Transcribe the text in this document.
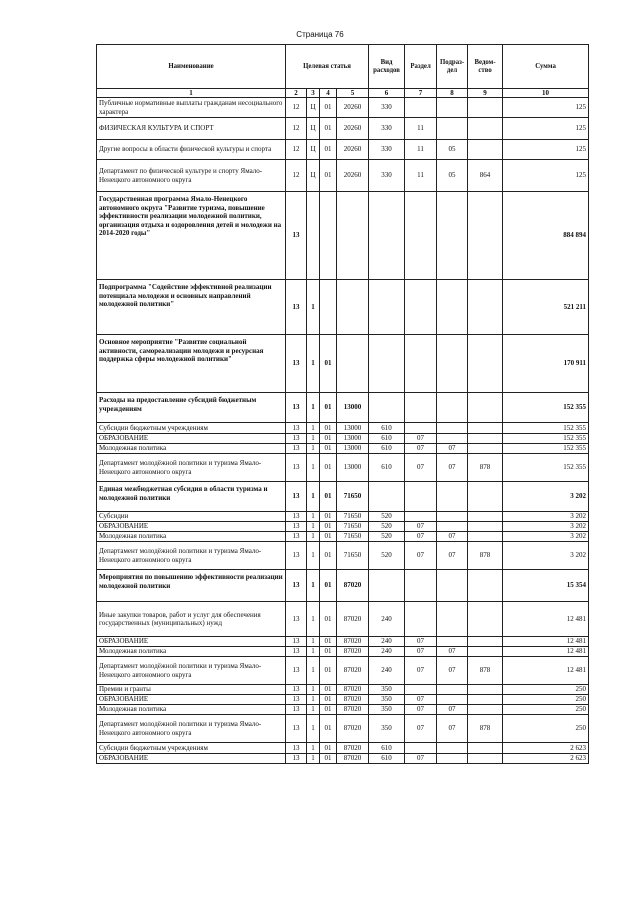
Страница 76
Наименование	Целевая статья				Вид расходов	Раздел	Подраз-дел	Ведом-ство	Сумма
1	2	3	4	5	6	7	8	9	10
Публичные нормативные выплаты гражданам несоциального характера	12	Ц	01	20260	330				125
ФИЗИЧЕСКАЯ КУЛЬТУРА И СПОРТ	12	Ц	01	20260	330	11			125
Другие вопросы в области физической культуры и спорта	12	Ц	01	20260	330	11	05		125
Департамент по физической культуре и спорту Ямало-Ненецкого автономного округа	12	Ц	01	20260	330	11	05	864	125
Государственная программа Ямало-Ненецкого автономного округа "Развитие туризма, повышение эффективности реализации молодежной политики, организация отдыха и оздоровления детей и молодежи на 2014-2020 годы"	13								884 894
Подпрограмма "Содействие эффективной реализации потенциала молодежи и основных направлений молодежной политики"	13	1							521 211
Основное мероприятие "Развитие социальной активности, самореализации молодежи и ресурсная поддержка сферы молодежной политики"	13	1	01						170 911
Расходы на предоставление субсидий бюджетным учреждениям	13	1	01	13000					152 355
Субсидии бюджетным учреждениям	13	1	01	13000	610				152 355
ОБРАЗОВАНИЕ	13	1	01	13000	610	07			152 355
Молодежная политика	13	1	01	13000	610	07	07		152 355
Департамент молодёжной политики и туризма Ямало-Ненецкого автономного округа	13	1	01	13000	610	07	07	878	152 355
Единая межбюджетная субсидия в области туризма и молодежной политики	13	1	01	71650					3 202
Субсидии	13	1	01	71650	520				3 202
ОБРАЗОВАНИЕ	13	1	01	71650	520	07			3 202
Молодежная политика	13	1	01	71650	520	07	07		3 202
Департамент молодёжной политики и туризма Ямало-Ненецкого автономного округа	13	1	01	71650	520	07	07	878	3 202
Мероприятия по повышению эффективности реализации молодежной политики	13	1	01	87020					15 354
Иные закупки товаров, работ и услуг для обеспечения государственных (муниципальных) нужд	13	1	01	87020	240				12 481
ОБРАЗОВАНИЕ	13	1	01	87020	240	07			12 481
Молодежная политика	13	1	01	87020	240	07	07		12 481
Департамент молодёжной политики и туризма Ямало-Ненецкого автономного округа	13	1	01	87020	240	07	07	878	12 481
Премии и гранты	13	1	01	87020	350				250
ОБРАЗОВАНИЕ	13	1	01	87020	350	07			250
Молодежная политика	13	1	01	87020	350	07	07		250
Департамент молодёжной политики и туризма Ямало-Ненецкого автономного округа	13	1	01	87020	350	07	07	878	250
Субсидии бюджетным учреждениям	13	1	01	87020	610				2 623
ОБРАЗОВАНИЕ	13	1	01	87020	610	07			2 623
